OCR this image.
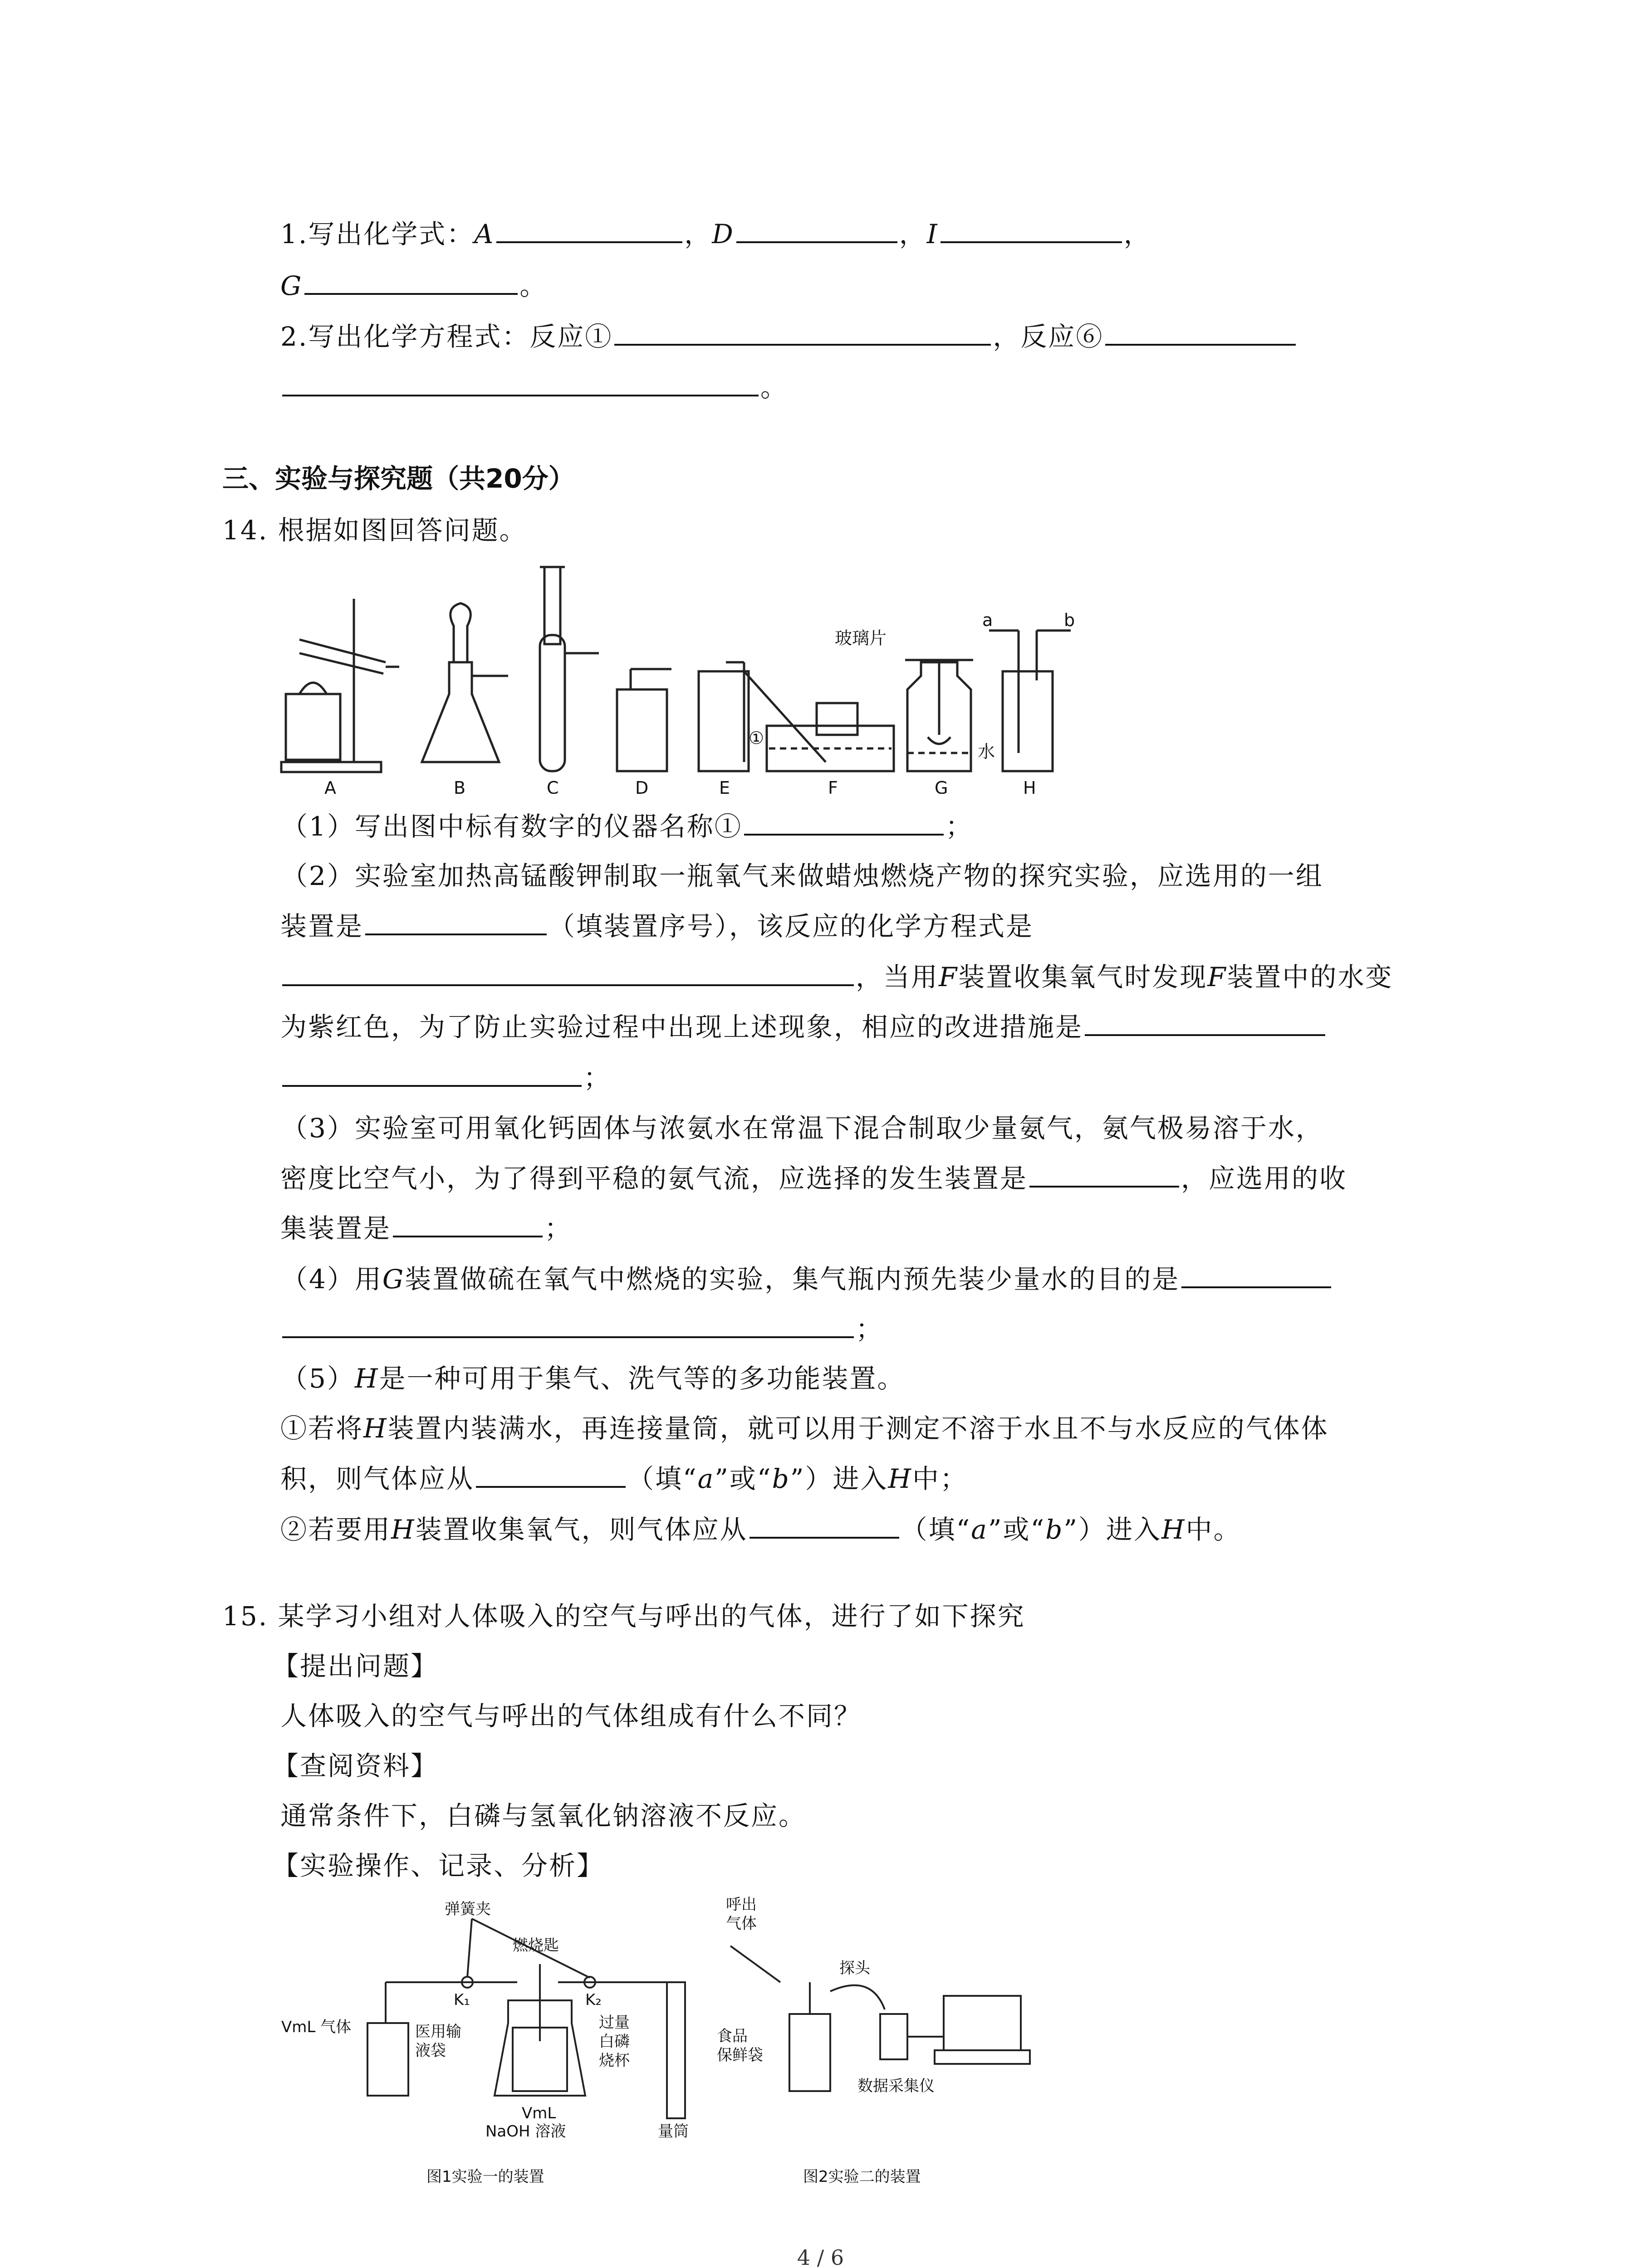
1.写出化学式：A	，D	，I	，
G	。
2.写出化学方程式：反应①	，反应⑥
。
三、实验与探究题（共20分）
14. 根据如图回答问题。
A	B	C	D	E	F	G	H
玻璃片
水
①
a	b
（1）写出图中标有数字的仪器名称①	；
（2）实验室加热高锰酸钾制取一瓶氧气来做蜡烛燃烧产物的探究实验，应选用的一组
装置是	（填装置序号），该反应的化学方程式是
，当用F装置收集氧气时发现F装置中的水变
为紫红色，为了防止实验过程中出现上述现象，相应的改进措施是
；
（3）实验室可用氧化钙固体与浓氨水在常温下混合制取少量氨气，氨气极易溶于水，
密度比空气小，为了得到平稳的氨气流，应选择的发生装置是	，应选用的收
集装置是	；
（4）用G装置做硫在氧气中燃烧的实验，集气瓶内预先装少量水的目的是
；
（5）H是一种可用于集气、洗气等的多功能装置。
①若将H装置内装满水，再连接量筒，就可以用于测定不溶于水且不与水反应的气体体
积，则气体应从	（填“a”或“b”）进入H中；
②若要用H装置收集氧气，则气体应从	（填“a”或“b”）进入H中。
15. 某学习小组对人体吸入的空气与呼出的气体，进行了如下探究
【提出问题】
人体吸入的空气与呼出的气体组成有什么不同？
【查阅资料】
通常条件下，白磷与氢氧化钠溶液不反应。
【实验操作、记录、分析】
弹簧夹
燃烧匙
K₁	K₂
VmL 气体	医用输
液袋
过量
白磷
烧杯
VmL
NaOH 溶液	量筒
图1实验一的装置
呼出
气体
探头
食品
保鲜袋
数据采集仪
图2实验二的装置
4 / 6
